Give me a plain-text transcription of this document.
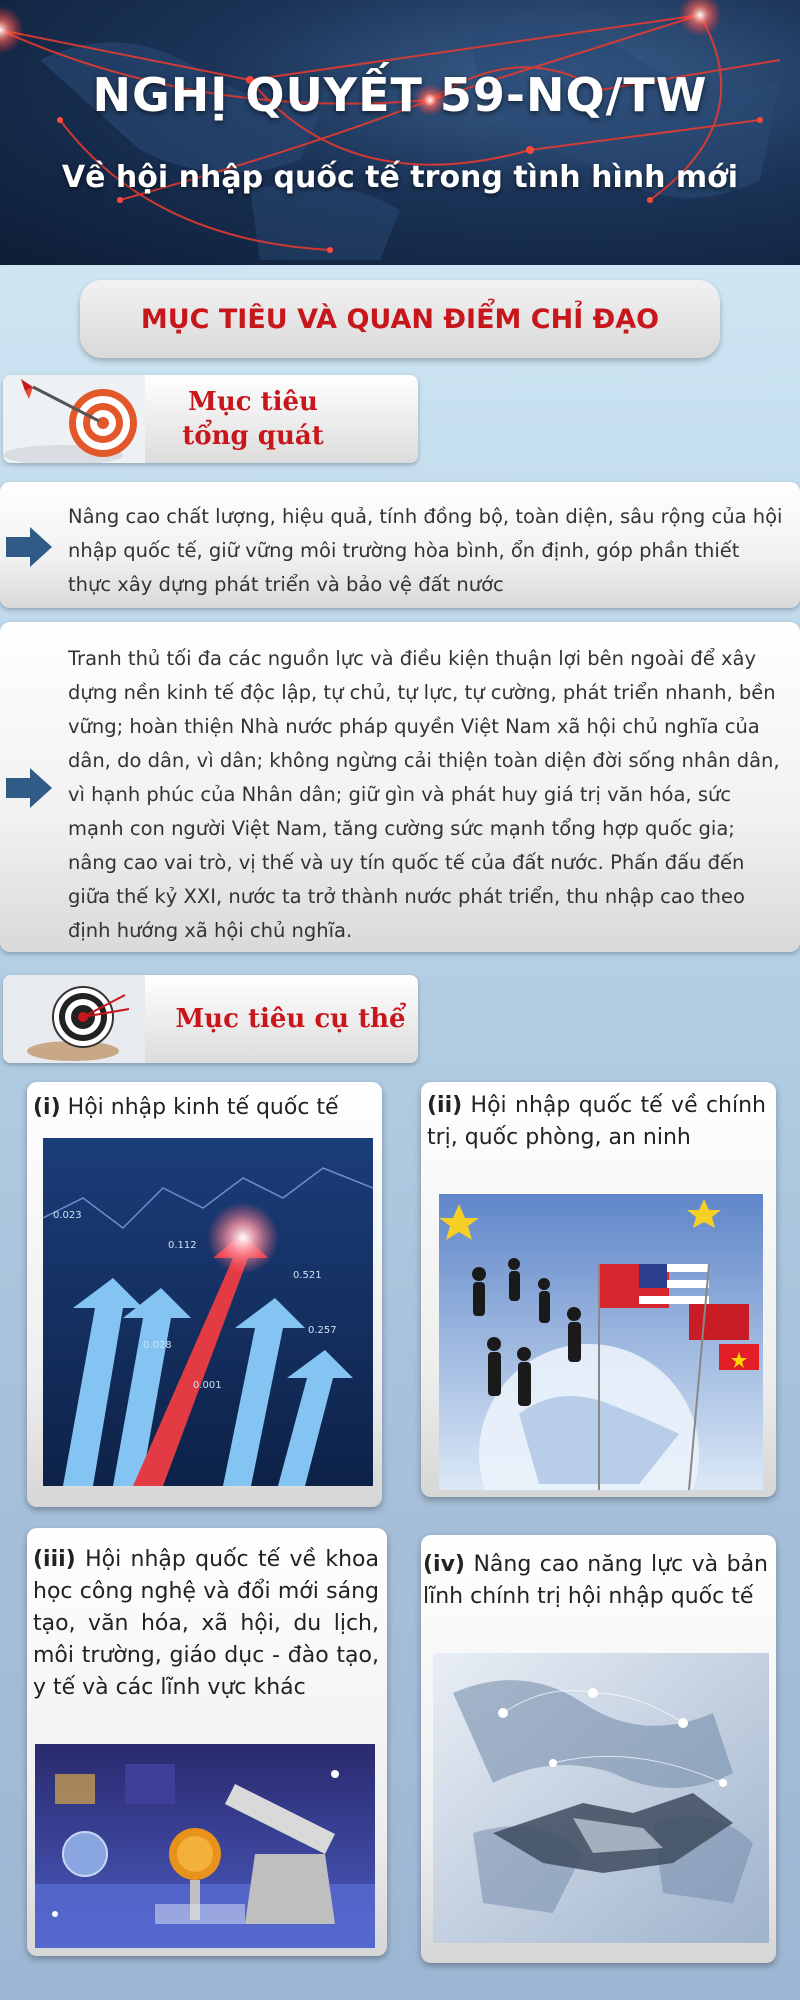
NGHỊ QUYẾT 59-NQ/TW
Về hội nhập quốc tế trong tình hình mới
MỤC TIÊU VÀ QUAN ĐIỂM CHỈ ĐẠO
Mục tiêu
tổng quát

Nâng cao chất lượng, hiệu quả, tính đồng bộ, toàn diện, sâu rộng của hội nhập quốc tế, giữ vững môi trường hòa bình, ổn định, góp phần thiết thực xây dựng phát triển và bảo vệ đất nước

Tranh thủ tối đa các nguồn lực và điều kiện thuận lợi bên ngoài để xây dựng nền kinh tế độc lập, tự chủ, tự lực, tự cường, phát triển nhanh, bền vững; hoàn thiện Nhà nước pháp quyền Việt Nam xã hội chủ nghĩa của dân, do dân, vì dân; không ngừng cải thiện toàn diện đời sống nhân dân, vì hạnh phúc của Nhân dân; giữ gìn và phát huy giá trị văn hóa, sức mạnh con người Việt Nam, tăng cường sức mạnh tổng hợp quốc gia; nâng cao vai trò, vị thế và uy tín quốc tế của đất nước. Phấn đấu đến giữa thế kỷ XXI, nước ta trở thành nước phát triển, thu nhập cao theo định hướng xã hội chủ nghĩa.

Mục tiêu cụ thể
(i) Hội nhập kinh tế quốc tế
0.023
0.112
0.521
0.028
0.001
0.257
(ii) Hội nhập quốc tế về chính trị, quốc phòng, an ninh
(iii) Hội nhập quốc tế về khoa học công nghệ và đổi mới sáng tạo, văn hóa, xã hội, du lịch, môi trường, giáo dục - đào tạo, y tế và các lĩnh vực khác
(iv) Nâng cao năng lực và bản lĩnh chính trị hội nhập quốc tế
